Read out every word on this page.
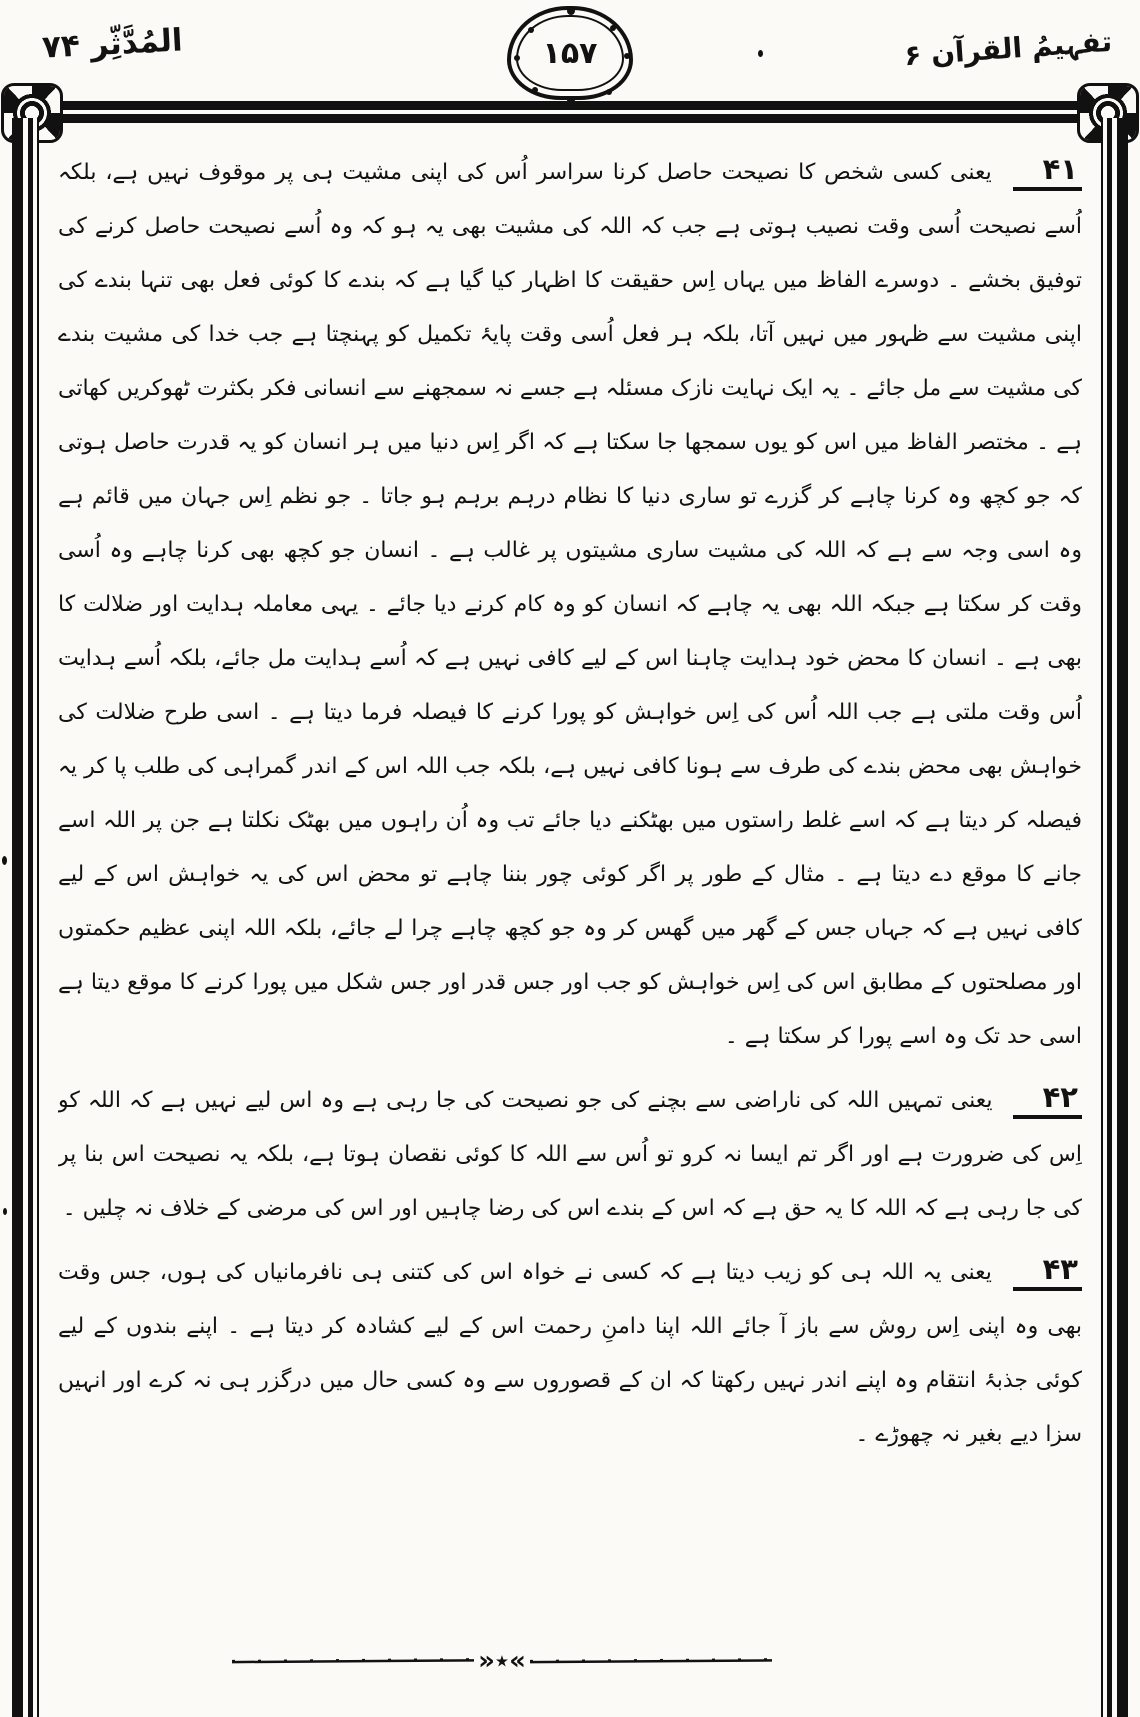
المُدَّثِّر ۷۴	تفہیمُ القرآن ۶
۱۵۷

۴۱ یعنی کسی شخص کا نصیحت حاصل کرنا سراسر اُس کی اپنی مشیت ہی پر موقوف نہیں ہے، بلکہ اُسے نصیحت اُسی وقت نصیب ہوتی ہے جب کہ اللہ کی مشیت بھی یہ ہو کہ وہ اُسے نصیحت حاصل کرنے کی توفیق بخشے ۔ دوسرے الفاظ میں یہاں اِس حقیقت کا اظہار کیا گیا ہے کہ بندے کا کوئی فعل بھی تنہا بندے کی اپنی مشیت سے ظہور میں نہیں آتا، بلکہ ہر فعل اُسی وقت پایۂ تکمیل کو پہنچتا ہے جب خدا کی مشیت بندے کی مشیت سے مل جائے ۔ یہ ایک نہایت نازک مسئلہ ہے جسے نہ سمجھنے سے انسانی فکر بکثرت ٹھوکریں کھاتی ہے ۔ مختصر الفاظ میں اس کو یوں سمجھا جا سکتا ہے کہ اگر اِس دنیا میں ہر انسان کو یہ قدرت حاصل ہوتی کہ جو کچھ وہ کرنا چاہے کر گزرے تو ساری دنیا کا نظام درہم برہم ہو جاتا ۔ جو نظم اِس جہان میں قائم ہے وہ اسی وجہ سے ہے کہ اللہ کی مشیت ساری مشیتوں پر غالب ہے ۔ انسان جو کچھ بھی کرنا چاہے وہ اُسی وقت کر سکتا ہے جبکہ اللہ بھی یہ چاہے کہ انسان کو وہ کام کرنے دیا جائے ۔ یہی معاملہ ہدایت اور ضلالت کا بھی ہے ۔ انسان کا محض خود ہدایت چاہنا اس کے لیے کافی نہیں ہے کہ اُسے ہدایت مل جائے، بلکہ اُسے ہدایت اُس وقت ملتی ہے جب اللہ اُس کی اِس خواہش کو پورا کرنے کا فیصلہ فرما دیتا ہے ۔ اسی طرح ضلالت کی خواہش بھی محض بندے کی طرف سے ہونا کافی نہیں ہے، بلکہ جب اللہ اس کے اندر گمراہی کی طلب پا کر یہ فیصلہ کر دیتا ہے کہ اسے غلط راستوں میں بھٹکنے دیا جائے تب وہ اُن راہوں میں بھٹک نکلتا ہے جن پر اللہ اسے جانے کا موقع دے دیتا ہے ۔ مثال کے طور پر اگر کوئی چور بننا چاہے تو محض اس کی یہ خواہش اس کے لیے کافی نہیں ہے کہ جہاں جس کے گھر میں گھس کر وہ جو کچھ چاہے چرا لے جائے، بلکہ اللہ اپنی عظیم حکمتوں اور مصلحتوں کے مطابق اس کی اِس خواہش کو جب اور جس قدر اور جس شکل میں پورا کرنے کا موقع دیتا ہے اسی حد تک وہ اسے پورا کر سکتا ہے ۔

۴۲ یعنی تمہیں اللہ کی ناراضی سے بچنے کی جو نصیحت کی جا رہی ہے وہ اس لیے نہیں ہے کہ اللہ کو اِس کی ضرورت ہے اور اگر تم ایسا نہ کرو تو اُس سے اللہ کا کوئی نقصان ہوتا ہے، بلکہ یہ نصیحت اس بنا پر کی جا رہی ہے کہ اللہ کا یہ حق ہے کہ اس کے بندے اس کی رضا چاہیں اور اس کی مرضی کے خلاف نہ چلیں ۔

۴۳ یعنی یہ اللہ ہی کو زیب دیتا ہے کہ کسی نے خواہ اس کی کتنی ہی نافرمانیاں کی ہوں، جس وقت بھی وہ اپنی اِس روش سے باز آ جائے اللہ اپنا دامنِ رحمت اس کے لیے کشادہ کر دیتا ہے ۔ اپنے بندوں کے لیے کوئی جذبۂ انتقام وہ اپنے اندر نہیں رکھتا کہ ان کے قصوروں سے وہ کسی حال میں درگزر ہی نہ کرے اور انہیں سزا دیے بغیر نہ چھوڑے ۔

»٭«
